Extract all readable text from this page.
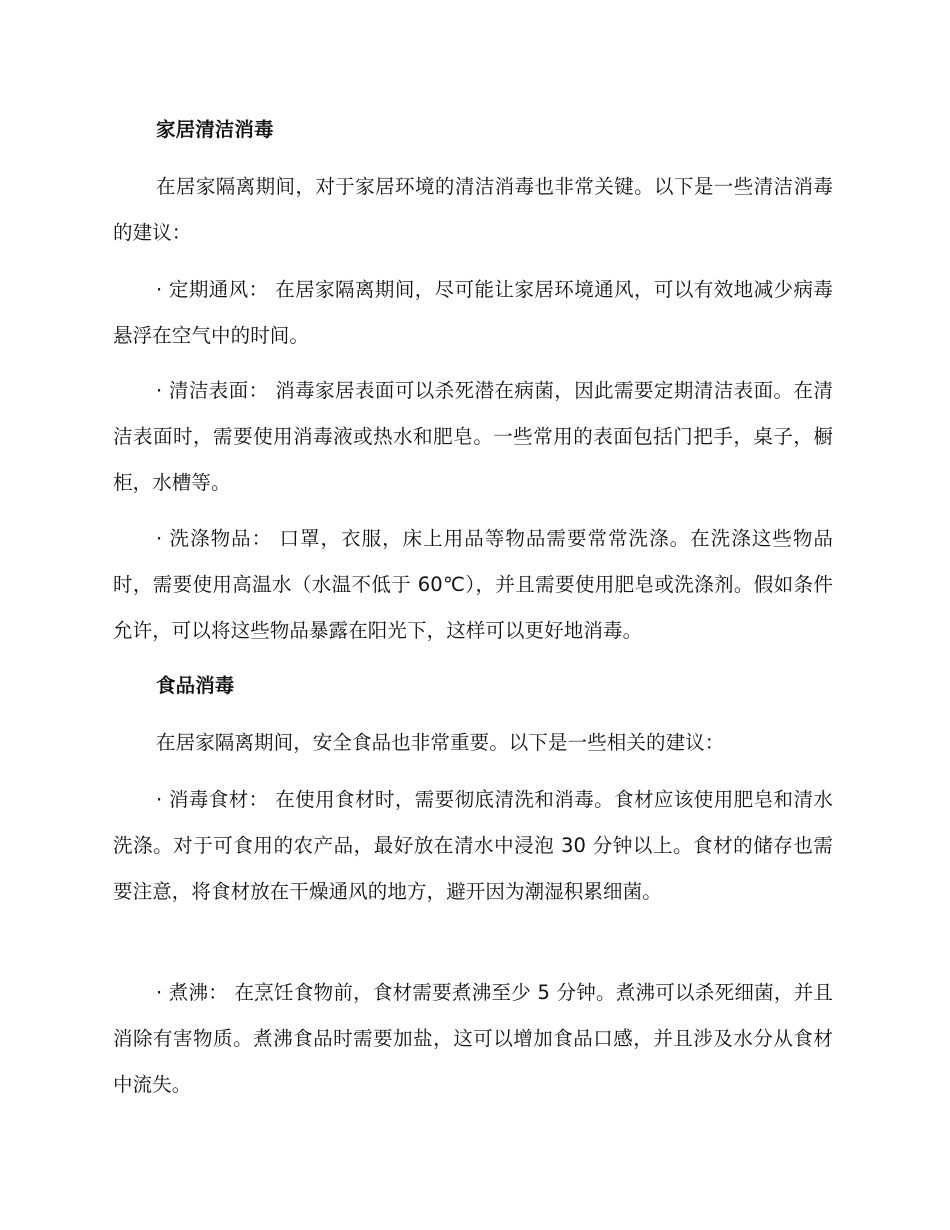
家居清洁消毒
在居家隔离期间，对于家居环境的清洁消毒也非常关键。以下是一些清洁消毒的建议：
· 定期通风： 在居家隔离期间，尽可能让家居环境通风，可以有效地减少病毒悬浮在空气中的时间。
· 清洁表面： 消毒家居表面可以杀死潜在病菌，因此需要定期清洁表面。在清洁表面时，需要使用消毒液或热水和肥皂。一些常用的表面包括门把手，桌子，橱柜，水槽等。
· 洗涤物品： 口罩，衣服，床上用品等物品需要常常洗涤。在洗涤这些物品时，需要使用高温水（水温不低于 60℃），并且需要使用肥皂或洗涤剂。假如条件允许，可以将这些物品暴露在阳光下，这样可以更好地消毒。
食品消毒
在居家隔离期间，安全食品也非常重要。以下是一些相关的建议：
· 消毒食材： 在使用食材时，需要彻底清洗和消毒。食材应该使用肥皂和清水洗涤。对于可食用的农产品，最好放在清水中浸泡 30 分钟以上。食材的储存也需要注意，将食材放在干燥通风的地方，避开因为潮湿积累细菌。
· 煮沸： 在烹饪食物前，食材需要煮沸至少 5 分钟。煮沸可以杀死细菌，并且消除有害物质。煮沸食品时需要加盐，这可以增加食品口感，并且涉及水分从食材中流失。
